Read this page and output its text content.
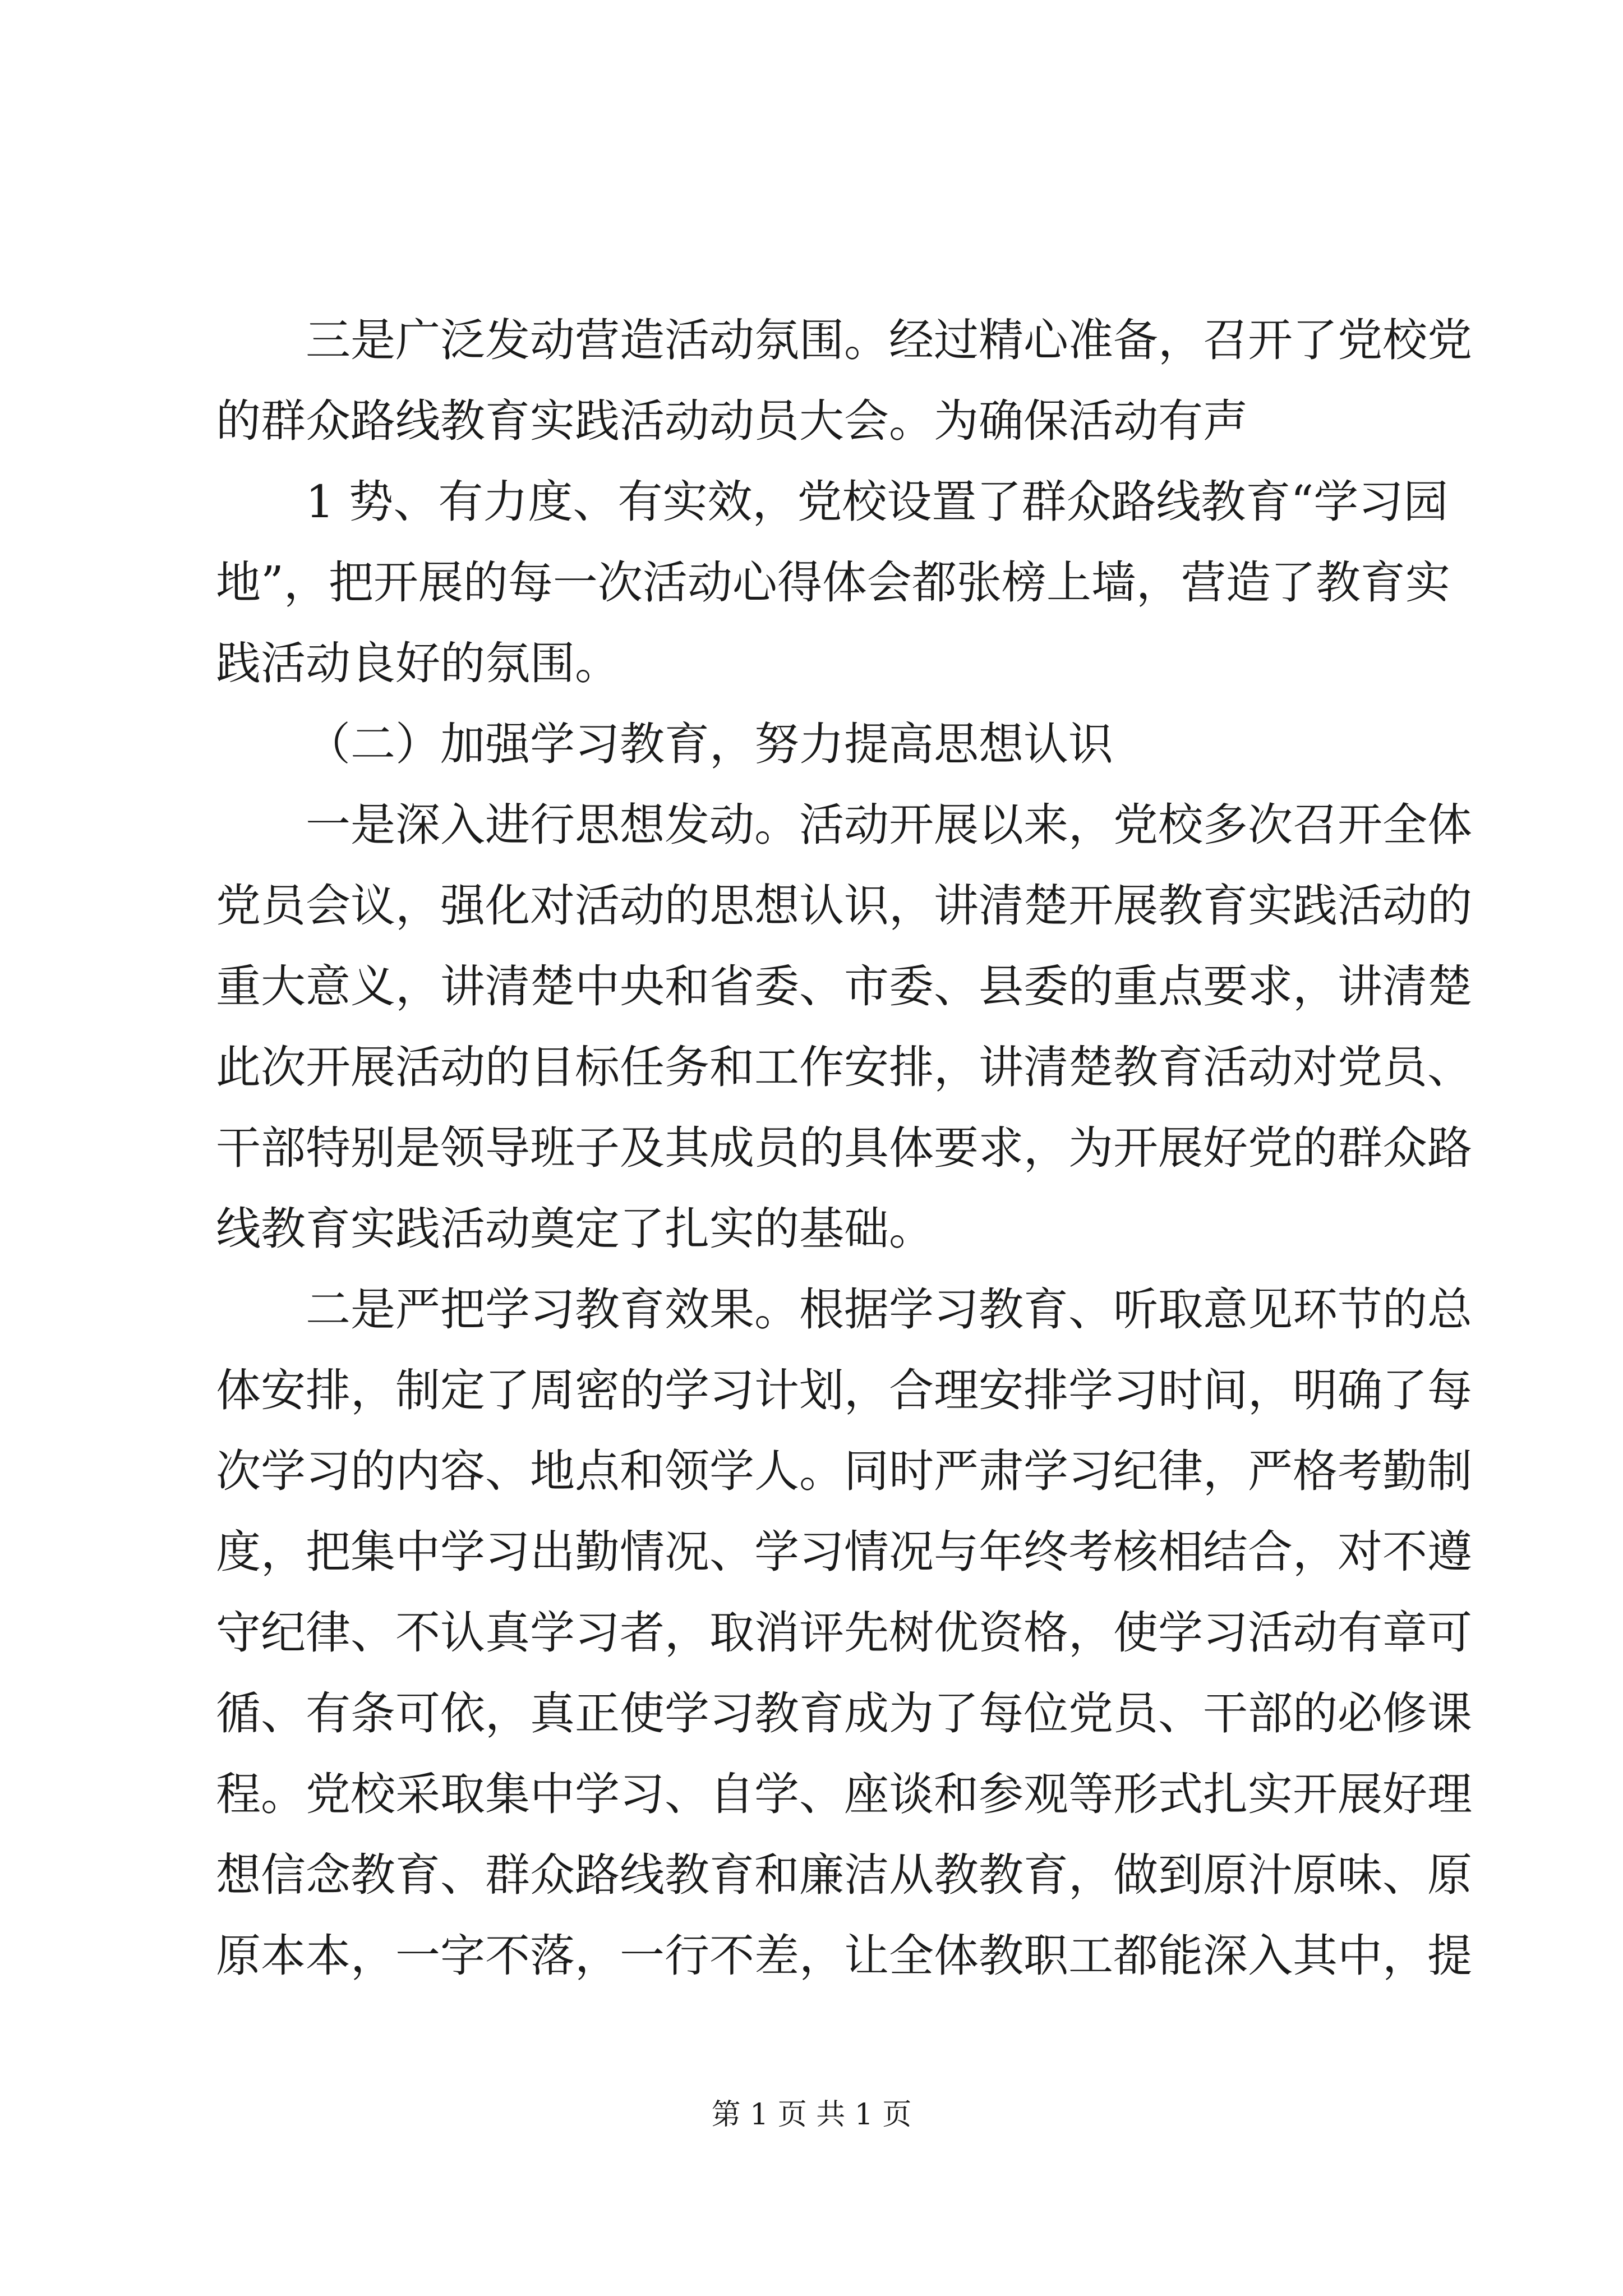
三是广泛发动营造活动氛围。经过精心准备，召开了党校党
的群众路线教育实践活动动员大会。为确保活动有声
1 势、有力度、有实效，党校设置了群众路线教育“学习园
地”，把开展的每一次活动心得体会都张榜上墙，营造了教育实
践活动良好的氛围。
（二）加强学习教育，努力提高思想认识
一是深入进行思想发动。活动开展以来，党校多次召开全体
党员会议，强化对活动的思想认识，讲清楚开展教育实践活动的
重大意义，讲清楚中央和省委、市委、县委的重点要求，讲清楚
此次开展活动的目标任务和工作安排，讲清楚教育活动对党员、
干部特别是领导班子及其成员的具体要求，为开展好党的群众路
线教育实践活动奠定了扎实的基础。
二是严把学习教育效果。根据学习教育、听取意见环节的总
体安排，制定了周密的学习计划，合理安排学习时间，明确了每
次学习的内容、地点和领学人。同时严肃学习纪律，严格考勤制
度，把集中学习出勤情况、学习情况与年终考核相结合，对不遵
守纪律、不认真学习者，取消评先树优资格，使学习活动有章可
循、有条可依，真正使学习教育成为了每位党员、干部的必修课
程。党校采取集中学习、自学、座谈和参观等形式扎实开展好理
想信念教育、群众路线教育和廉洁从教教育，做到原汁原味、原
原本本，一字不落，一行不差，让全体教职工都能深入其中，提
第 1 页 共 1 页
